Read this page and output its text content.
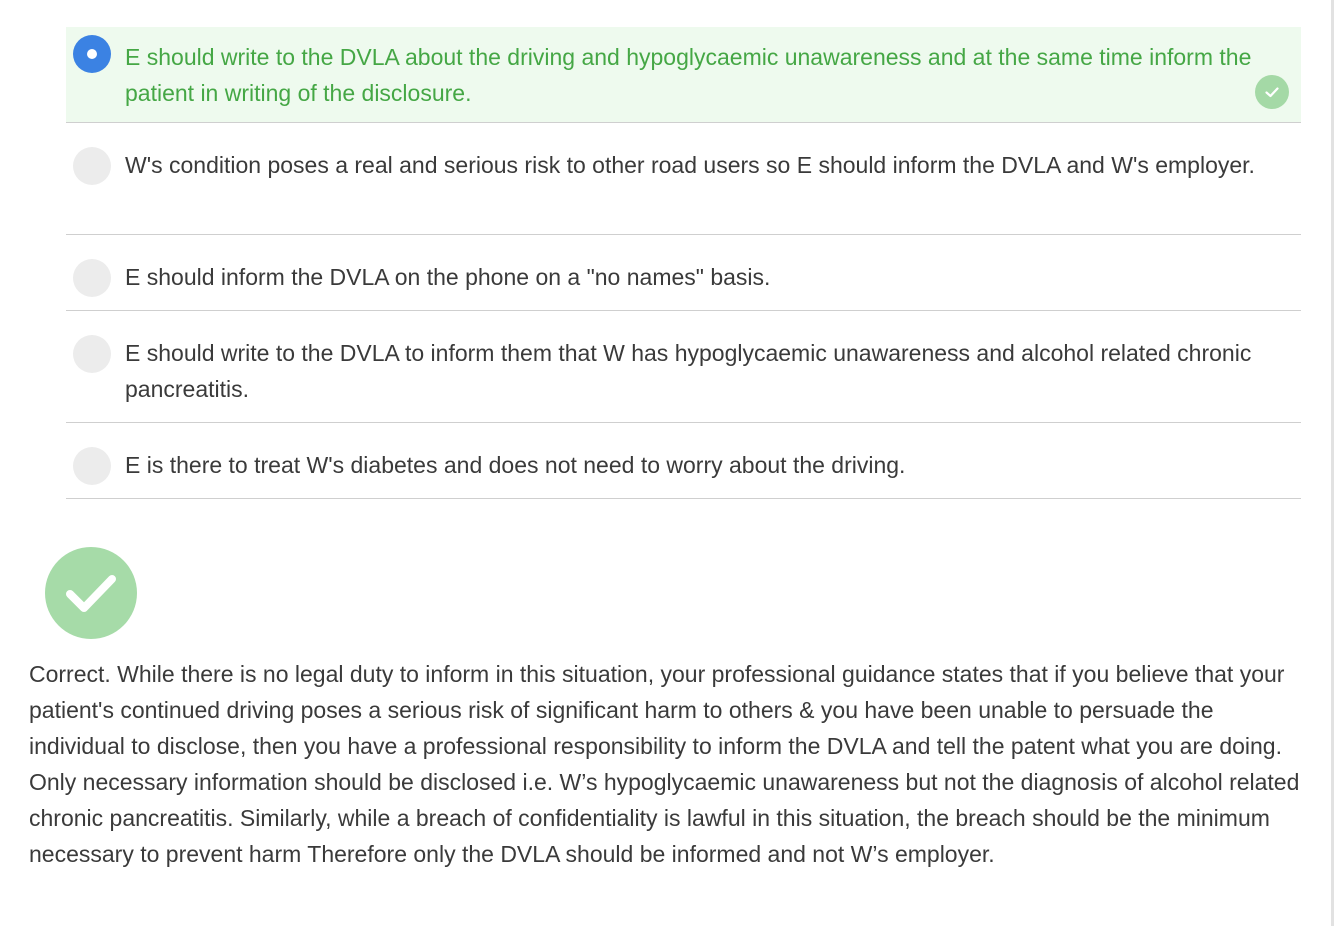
E should write to the DVLA about the driving and hypoglycaemic unawareness and at the same time inform the patient in writing of the disclosure.
W's condition poses a real and serious risk to other road users so E should inform the DVLA and W's employer.
E should inform the DVLA on the phone on a "no names" basis.
E should write to the DVLA to inform them that W has hypoglycaemic unawareness and alcohol related chronic pancreatitis.
E is there to treat W's diabetes and does not need to worry about the driving.

Correct. While there is no legal duty to inform in this situation, your professional guidance states that if you believe that your patient's continued driving poses a serious risk of significant harm to others & you have been unable to persuade the individual to disclose, then you have a professional responsibility to inform the DVLA and tell the patent what you are doing. Only necessary information should be disclosed i.e. W’s hypoglycaemic unawareness but not the diagnosis of alcohol related chronic pancreatitis. Similarly, while a breach of confidentiality is lawful in this situation, the breach should be the minimum necessary to prevent harm Therefore only the DVLA should be informed and not W’s employer.
